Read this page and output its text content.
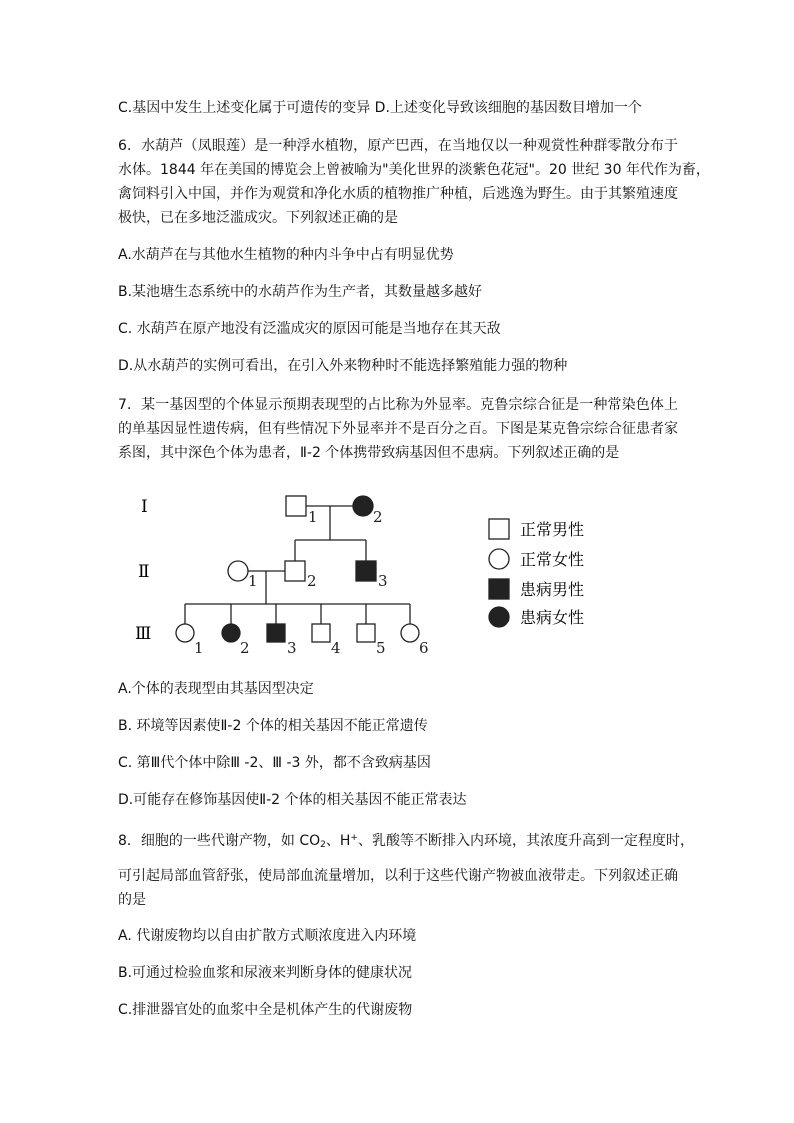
C.基因中发生上述变化属于可遗传的变异 D.上述变化导致该细胞的基因数目增加一个
6．水葫芦（凤眼莲）是一种浮水植物，原产巴西，在当地仅以一种观赏性种群零散分布于
水体。1844 年在美国的博览会上曾被喻为"美化世界的淡紫色花冠"。20 世纪 30 年代作为畜，
禽饲料引入中国，并作为观赏和净化水质的植物推广种植，后逃逸为野生。由于其繁殖速度
极快，已在多地泛滥成灾。下列叙述正确的是
A.水葫芦在与其他水生植物的种内斗争中占有明显优势
B.某池塘生态系统中的水葫芦作为生产者，其数量越多越好
C. 水葫芦在原产地没有泛滥成灾的原因可能是当地存在其天敌
D.从水葫芦的实例可看出，在引入外来物种时不能选择繁殖能力强的物种
7．某一基因型的个体显示预期表现型的占比称为外显率。克鲁宗综合征是一种常染色体上
的单基因显性遗传病，但有些情况下外显率并不是百分之百。下图是某克鲁宗综合征患者家
系图，其中深色个体为患者，Ⅱ-2 个体携带致病基因但不患病。下列叙述正确的是
Ⅰ
Ⅱ
Ⅲ
1	2
1	2	3
1 2 3 4 5 6
正常男性
正常女性
患病男性
患病女性
A.个体的表现型由其基因型决定
B. 环境等因素使Ⅱ-2 个体的相关基因不能正常遗传
C. 第Ⅲ代个体中除Ⅲ -2、Ⅲ -3 外，都不含致病基因
D.可能存在修饰基因使Ⅱ-2 个体的相关基因不能正常表达
8．细胞的一些代谢产物，如 $CO_2$、H+、乳酸等不断排入内环境，其浓度升高到一定程度时，
可引起局部血管舒张，使局部血流量增加，以利于这些代谢产物被血液带走。下列叙述正确
的是
A. 代谢废物均以自由扩散方式顺浓度进入内环境
B.可通过检验血浆和尿液来判断身体的健康状况
C.排泄器官处的血浆中全是机体产生的代谢废物
